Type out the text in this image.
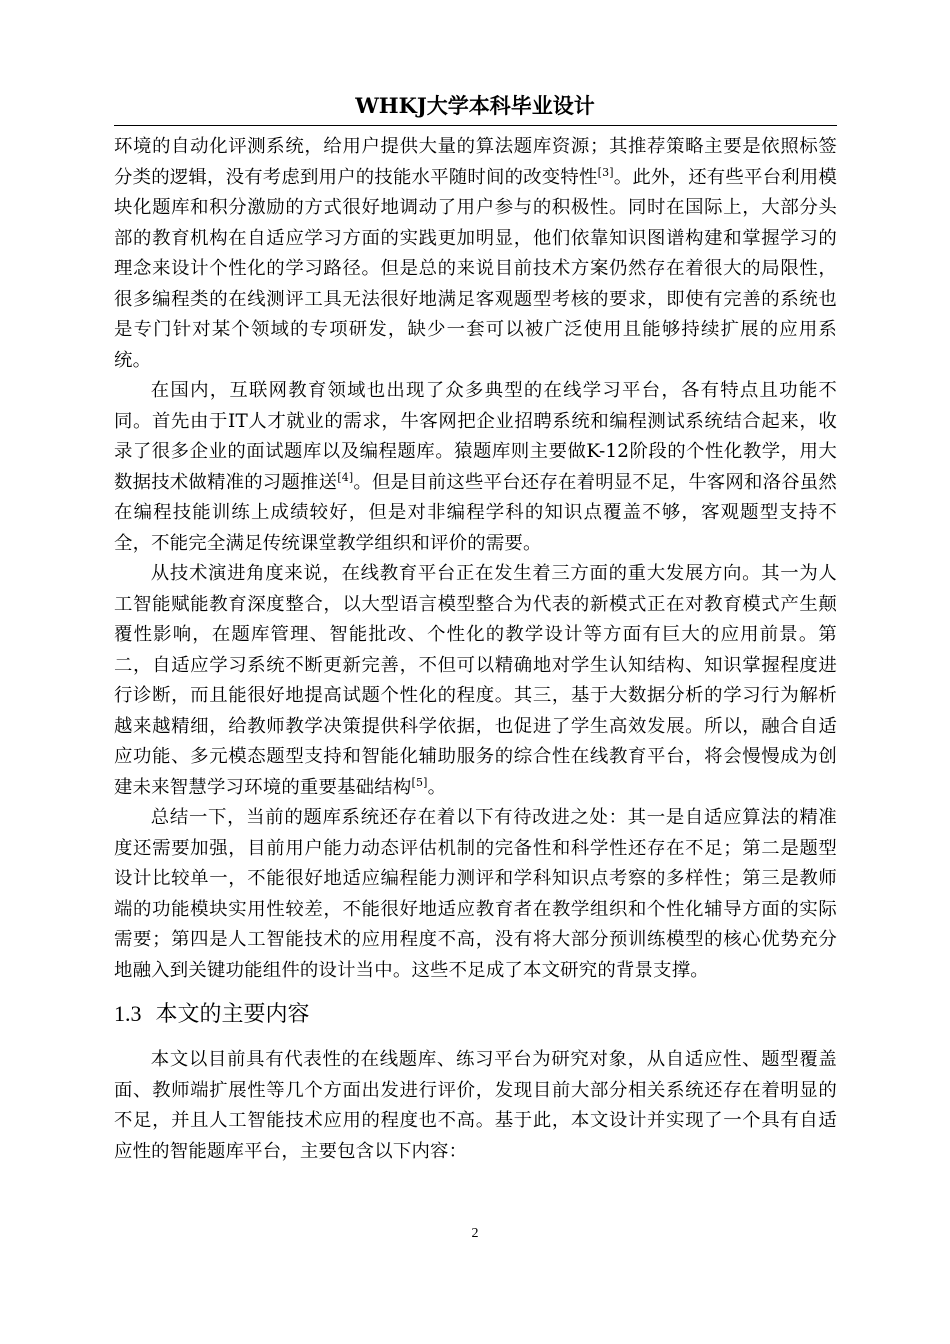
WHKJ大学本科毕业设计

环境的自动化评测系统，给用户提供大量的算法题库资源；其推荐策略主要是依照标签分类的逻辑，没有考虑到用户的技能水平随时间的改变特性[3]。此外，还有些平台利用模块化题库和积分激励的方式很好地调动了用户参与的积极性。同时在国际上，大部分头部的教育机构在自适应学习方面的实践更加明显，他们依靠知识图谱构建和掌握学习的理念来设计个性化的学习路径。但是总的来说目前技术方案仍然存在着很大的局限性，很多编程类的在线测评工具无法很好地满足客观题型考核的要求，即使有完善的系统也是专门针对某个领域的专项研发，缺少一套可以被广泛使用且能够持续扩展的应用系统。

在国内，互联网教育领域也出现了众多典型的在线学习平台，各有特点且功能不同。首先由于IT人才就业的需求，牛客网把企业招聘系统和编程测试系统结合起来，收录了很多企业的面试题库以及编程题库。猿题库则主要做K-12阶段的个性化教学，用大数据技术做精准的习题推送[4]。但是目前这些平台还存在着明显不足，牛客网和洛谷虽然在编程技能训练上成绩较好，但是对非编程学科的知识点覆盖不够，客观题型支持不全，不能完全满足传统课堂教学组织和评价的需要。

从技术演进角度来说，在线教育平台正在发生着三方面的重大发展方向。其一为人工智能赋能教育深度整合，以大型语言模型整合为代表的新模式正在对教育模式产生颠覆性影响，在题库管理、智能批改、个性化的教学设计等方面有巨大的应用前景。第二，自适应学习系统不断更新完善，不但可以精确地对学生认知结构、知识掌握程度进行诊断，而且能很好地提高试题个性化的程度。其三，基于大数据分析的学习行为解析越来越精细，给教师教学决策提供科学依据，也促进了学生高效发展。所以，融合自适应功能、多元模态题型支持和智能化辅助服务的综合性在线教育平台，将会慢慢成为创建未来智慧学习环境的重要基础结构[5]。

总结一下，当前的题库系统还存在着以下有待改进之处：其一是自适应算法的精准度还需要加强，目前用户能力动态评估机制的完备性和科学性还存在不足；第二是题型设计比较单一，不能很好地适应编程能力测评和学科知识点考察的多样性；第三是教师端的功能模块实用性较差，不能很好地适应教育者在教学组织和个性化辅导方面的实际需要；第四是人工智能技术的应用程度不高，没有将大部分预训练模型的核心优势充分地融入到关键功能组件的设计当中。这些不足成了本文研究的背景支撑。

1.3 本文的主要内容

本文以目前具有代表性的在线题库、练习平台为研究对象，从自适应性、题型覆盖面、教师端扩展性等几个方面出发进行评价，发现目前大部分相关系统还存在着明显的不足，并且人工智能技术应用的程度也不高。基于此，本文设计并实现了一个具有自适应性的智能题库平台，主要包含以下内容：

2
